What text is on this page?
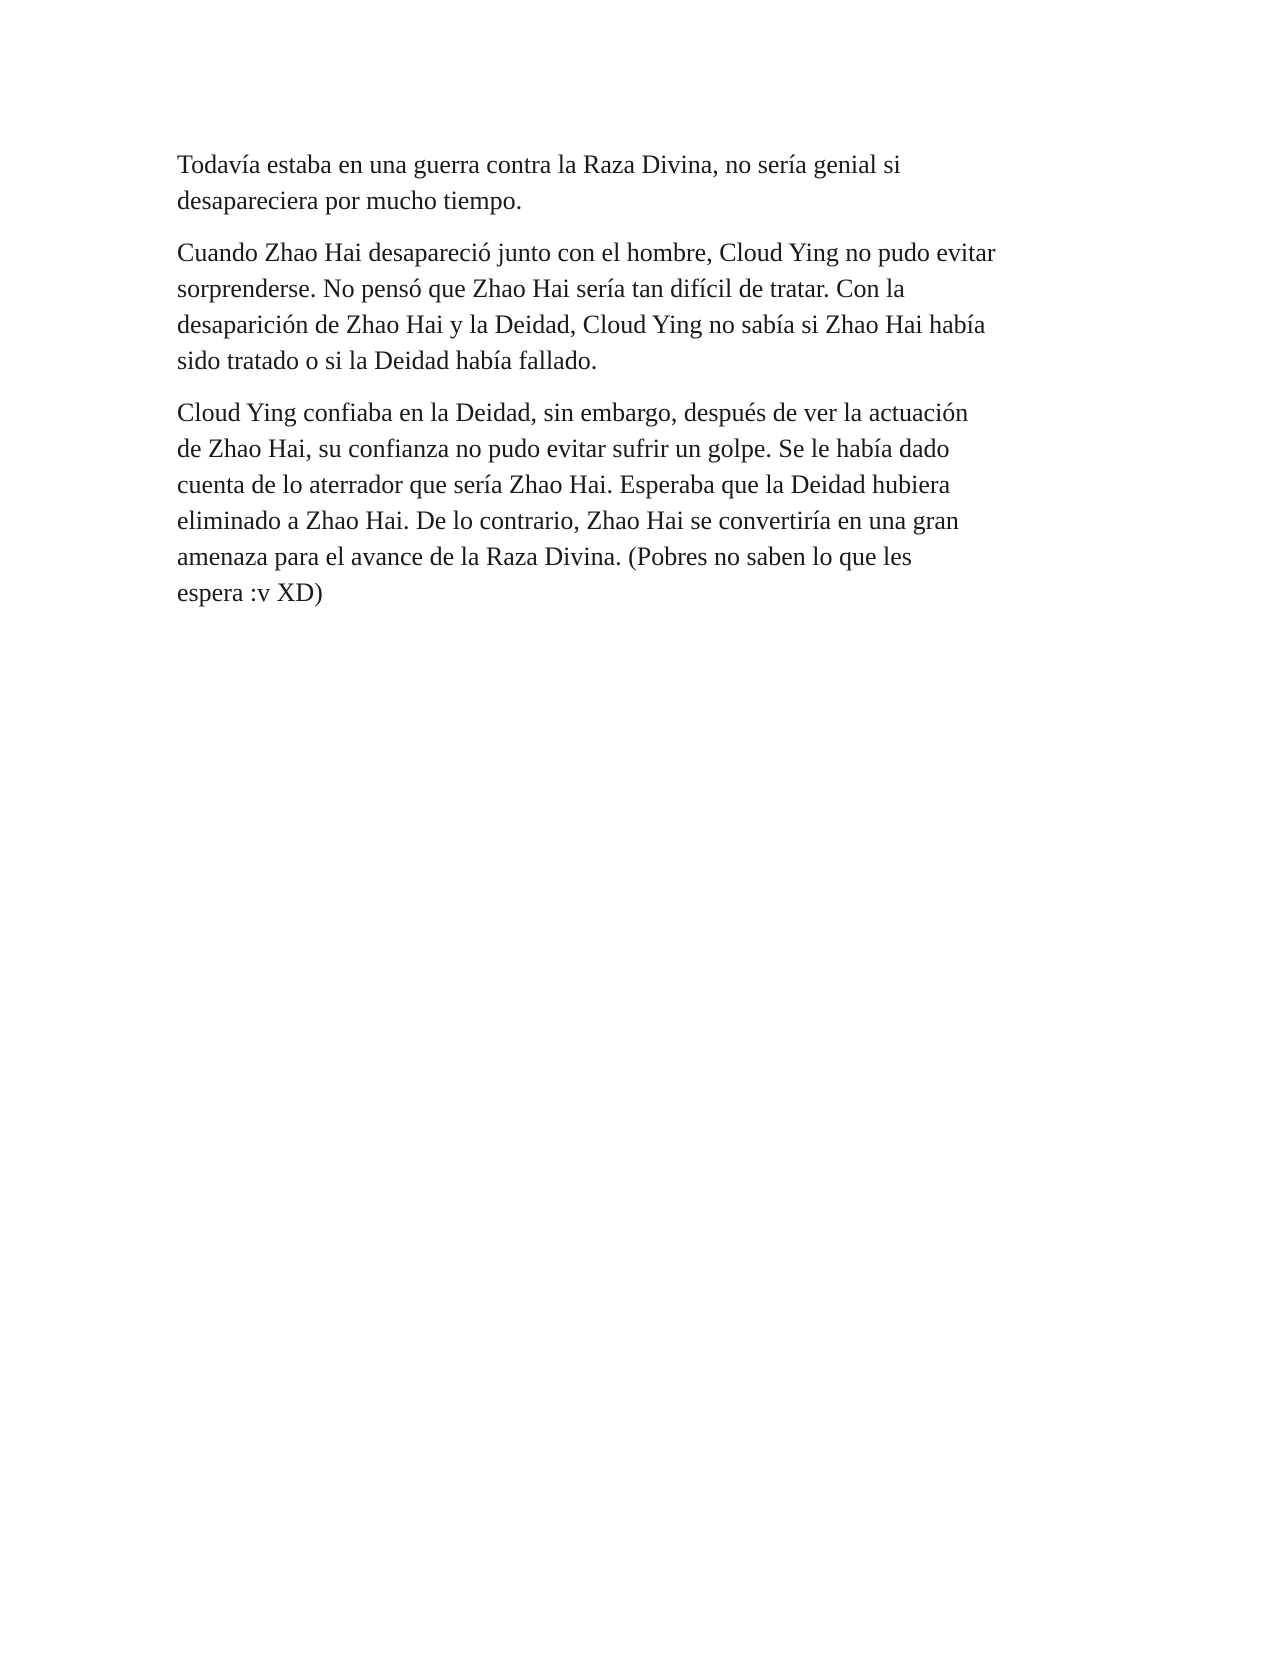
Todavía estaba en una guerra contra la Raza Divina, no sería genial si
desapareciera por mucho tiempo.

Cuando Zhao Hai desapareció junto con el hombre, Cloud Ying no pudo evitar
sorprenderse. No pensó que Zhao Hai sería tan difícil de tratar. Con la
desaparición de Zhao Hai y la Deidad, Cloud Ying no sabía si Zhao Hai había
sido tratado o si la Deidad había fallado.

Cloud Ying confiaba en la Deidad, sin embargo, después de ver la actuación
de Zhao Hai, su confianza no pudo evitar sufrir un golpe. Se le había dado
cuenta de lo aterrador que sería Zhao Hai. Esperaba que la Deidad hubiera
eliminado a Zhao Hai. De lo contrario, Zhao Hai se convertiría en una gran
amenaza para el avance de la Raza Divina. (Pobres no saben lo que les
espera :v XD)
